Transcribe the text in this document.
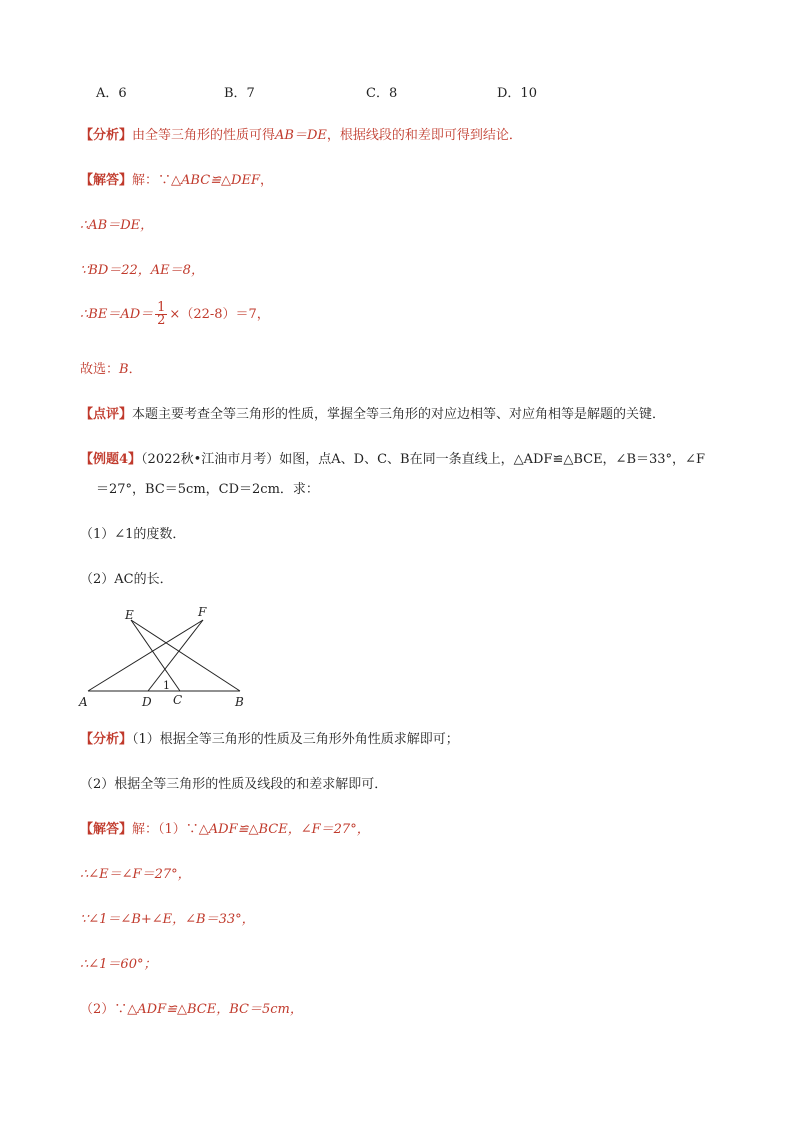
A．6	B．7	C．8	D．10
【分析】由全等三角形的性质可得AB＝DE，根据线段的和差即可得到结论．
【解答】解：∵△ABC≌△DEF，
∴AB＝DE，
∵BD＝22，AE＝8，
∴BE＝AD＝ $\frac{1}{2} \times(22-8)=7$，
故选：B．
【点评】本题主要考查全等三角形的性质，掌握全等三角形的对应边相等、对应角相等是解题的关键．
【例题4】（2022秋•江油市月考）如图，点A、D、C、B在同一条直线上，△ADF≌△BCE，∠B＝33°，∠F
＝27°，BC＝5cm，CD＝2cm．求：
（1）∠1的度数．
（2）AC的长．
E	F
A	D C	B
1
【分析】（1）根据全等三角形的性质及三角形外角性质求解即可；
（2）根据全等三角形的性质及线段的和差求解即可．
【解答】解：（1）∵△ADF≌△BCE，∠F＝27°，
∴∠E＝∠F＝27°，
∵∠1＝∠B+∠E，∠B＝33°，
∴∠1＝60°；
（2）∵△ADF≌△BCE，BC＝5cm，
